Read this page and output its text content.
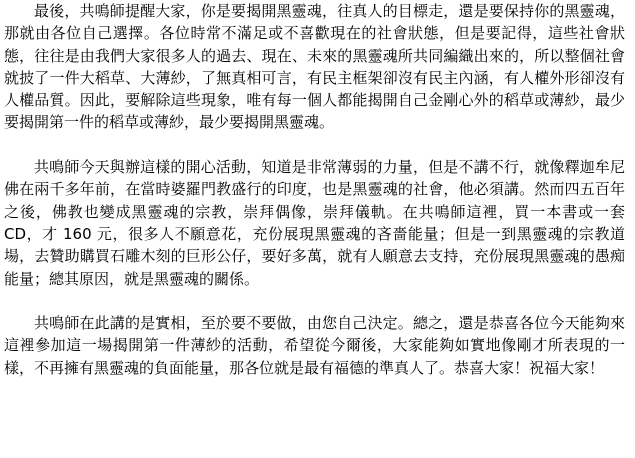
最後，共鳴師提醒大家，你是要揭開黑靈魂，往真人的目標走，還是要保持你的黑靈魂，那就由各位自己選擇。各位時常不滿足或不喜歡現在的社會狀態，但是要記得，這些社會狀態，往往是由我們大家很多人的過去、現在、未來的黑靈魂所共同編織出來的，所以整個社會就披了一件大稻草、大薄紗，了無真相可言，有民主框架卻沒有民主內涵，有人權外形卻沒有人權品質。因此，要解除這些現象，唯有每一個人都能揭開自己金剛心外的稻草或薄紗，最少要揭開第一件的稻草或薄紗，最少要揭開黑靈魂。

共鳴師今天與辦這樣的開心活動，知道是非常薄弱的力量，但是不講不行，就像釋迦牟尼佛在兩千多年前，在當時婆羅門教盛行的印度，也是黑靈魂的社會，他必須講。然而四五百年之後，佛教也變成黑靈魂的宗教，崇拜偶像，崇拜儀軌。在共鳴師這裡，買一本書或一套 CD，才 160 元，很多人不願意花，充份展現黑靈魂的吝嗇能量；但是一到黑靈魂的宗教道場，去贊助購買石雕木刻的巨形公仔，要好多萬，就有人願意去支持，充份展現黑靈魂的愚痴能量；總其原因，就是黑靈魂的關係。

共鳴師在此講的是實相，至於要不要做，由您自己決定。總之，還是恭喜各位今天能夠來這裡參加這一場揭開第一件薄紗的活動，希望從今爾後，大家能夠如實地像剛才所表現的一樣，不再擁有黑靈魂的負面能量，那各位就是最有福德的準真人了。恭喜大家！祝福大家！
